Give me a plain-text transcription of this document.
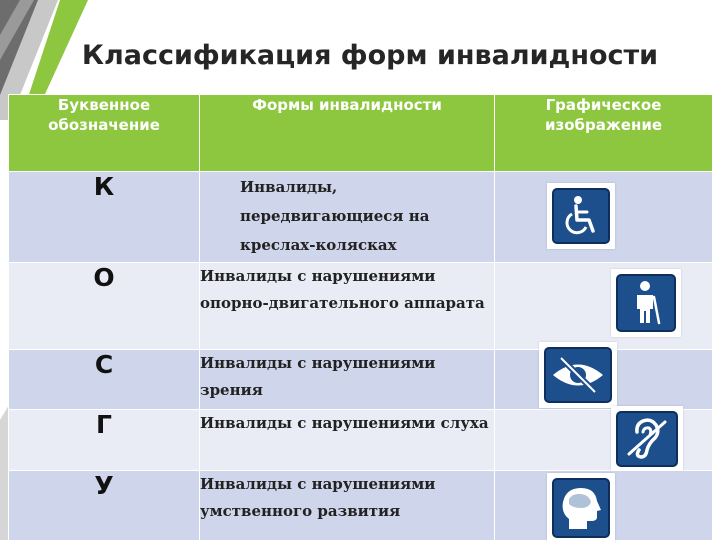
Классификация форм инвалидности
Буквенное обозначение	Формы инвалидности	Графическое изображение
К	Инвалиды, передвигающиеся на креслах-колясках	

О	Инвалиды с нарушениями опорно-двигательного аппарата	

С	Инвалиды с нарушениями зрения	

Г	Инвалиды с нарушениями слуха	

У	Инвалиды с нарушениями умственного развития	
